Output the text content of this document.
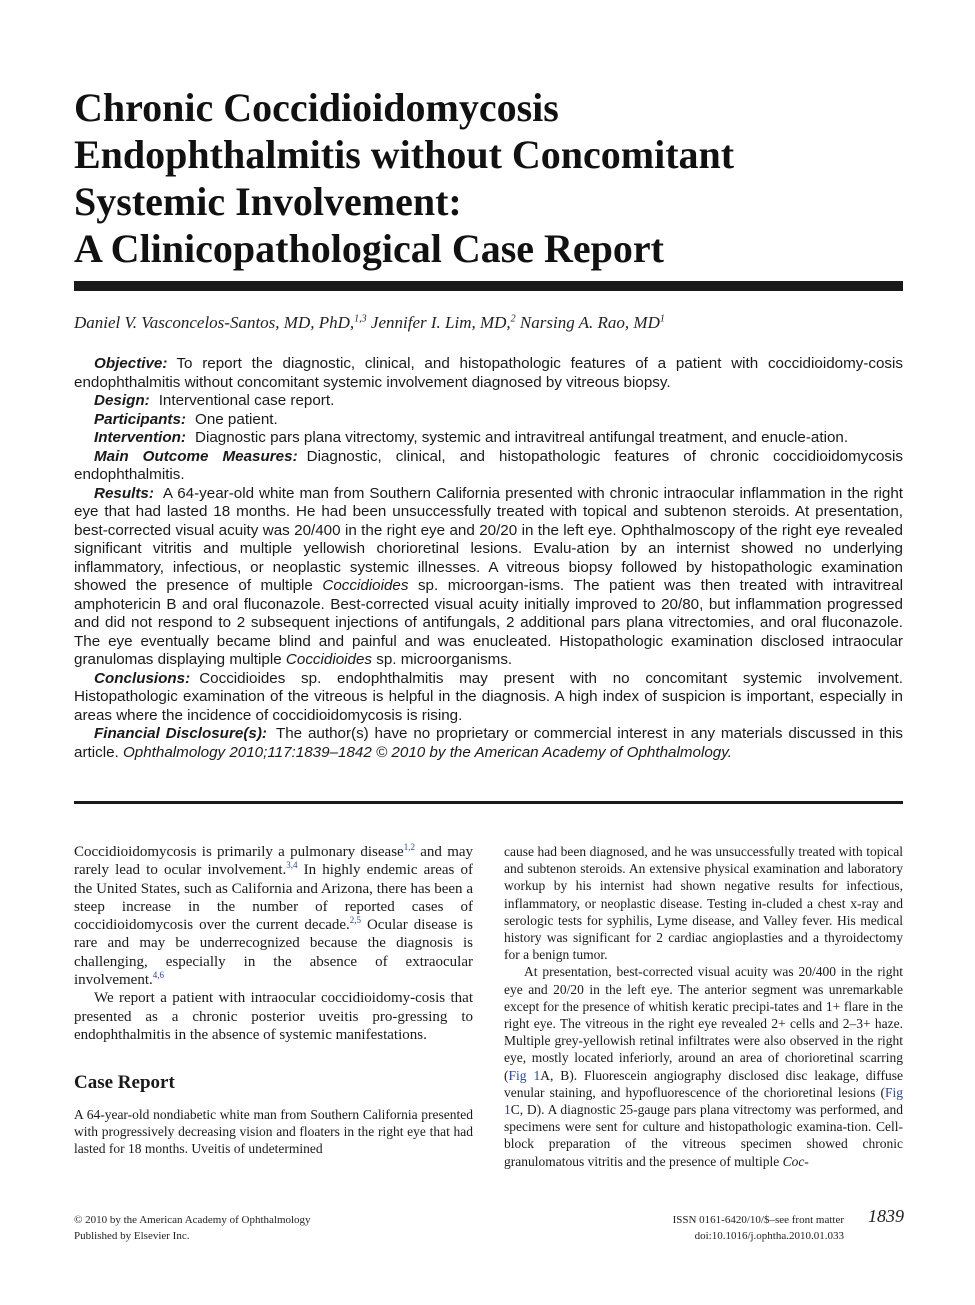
Chronic Coccidioidomycosis
Endophthalmitis without Concomitant
Systemic Involvement:
A Clinicopathological Case Report
Daniel V. Vasconcelos-Santos, MD, PhD,$^{1,3}$ Jennifer I. Lim, MD,$^2$ Narsing A. Rao, $MD^1$

Objective: To report the diagnostic, clinical, and histopathologic features of a patient with coccidioidomy-cosis endophthalmitis without concomitant systemic involvement diagnosed by vitreous biopsy.

Design: Interventional case report.

Participants: One patient.

Intervention: Diagnostic pars plana vitrectomy, systemic and intravitreal antifungal treatment, and enucle-ation.

Main Outcome Measures: Diagnostic, clinical, and histopathologic features of chronic coccidioidomycosis endophthalmitis.

Results: A 64-year-old white man from Southern California presented with chronic intraocular inflammation in the right eye that had lasted 18 months. He had been unsuccessfully treated with topical and subtenon steroids. At presentation, best-corrected visual acuity was 20/400 in the right eye and 20/20 in the left eye. Ophthalmoscopy of the right eye revealed significant vitritis and multiple yellowish chorioretinal lesions. Evalu-ation by an internist showed no underlying inflammatory, infectious, or neoplastic systemic illnesses. A vitreous biopsy followed by histopathologic examination showed the presence of multiple Coccidioides sp. microorgan-isms. The patient was then treated with intravitreal amphotericin B and oral fluconazole. Best-corrected visual acuity initially improved to 20/80, but inflammation progressed and did not respond to 2 subsequent injections of antifungals, 2 additional pars plana vitrectomies, and oral fluconazole. The eye eventually became blind and painful and was enucleated. Histopathologic examination disclosed intraocular granulomas displaying multiple Coccidioides sp. microorganisms.

Conclusions: Coccidioides sp. endophthalmitis may present with no concomitant systemic involvement. Histopathologic examination of the vitreous is helpful in the diagnosis. A high index of suspicion is important, especially in areas where the incidence of coccidioidomycosis is rising.

Financial Disclosure(s): The author(s) have no proprietary or commercial interest in any materials discussed in this article. Ophthalmology 2010;117:1839–1842 © 2010 by the American Academy of Ophthalmology.

Coccidioidomycosis is primarily a pulmonary disease$^{1,2}$ and may rarely lead to ocular involvement.$^{3,4}$ In highly endemic areas of the United States, such as California and Arizona, there has been a steep increase in the number of reported cases of coccidioidomycosis over the current decade.$^{2,5}$ Ocular disease is rare and may be underrecognized because the diagnosis is challenging, especially in the absence of extraocular involvement.$^{4,6}$

We report a patient with intraocular coccidioidomy-cosis that presented as a chronic posterior uveitis pro-gressing to endophthalmitis in the absence of systemic manifestations.

Case Report

A 64-year-old nondiabetic white man from Southern California presented with progressively decreasing vision and floaters in the right eye that had lasted for 18 months. Uveitis of undetermined

cause had been diagnosed, and he was unsuccessfully treated with topical and subtenon steroids. An extensive physical examination and laboratory workup by his internist had shown negative results for infectious, inflammatory, or neoplastic disease. Testing in-cluded a chest x-ray and serologic tests for syphilis, Lyme disease, and Valley fever. His medical history was significant for 2 cardiac angioplasties and a thyroidectomy for a benign tumor.

At presentation, best-corrected visual acuity was 20/400 in the right eye and 20/20 in the left eye. The anterior segment was unremarkable except for the presence of whitish keratic precipi-tates and 1+ flare in the right eye. The vitreous in the right eye revealed 2+ cells and 2–3+ haze. Multiple grey-yellowish retinal infiltrates were also observed in the right eye, mostly located inferiorly, around an area of chorioretinal scarring (Fig 1A, B). Fluorescein angiography disclosed disc leakage, diffuse venular staining, and hypofluorescence of the chorioretinal lesions (Fig 1C, D). A diagnostic 25-gauge pars plana vitrectomy was performed, and specimens were sent for culture and histopathologic examina-tion. Cell-block preparation of the vitreous specimen showed chronic granulomatous vitritis and the presence of multiple Coc-

© 2010 by the American Academy of Ophthalmology
Published by Elsevier Inc.
ISSN 0161-6420/10/$–see front matter
doi:10.1016/j.ophtha.2010.01.033
1839
